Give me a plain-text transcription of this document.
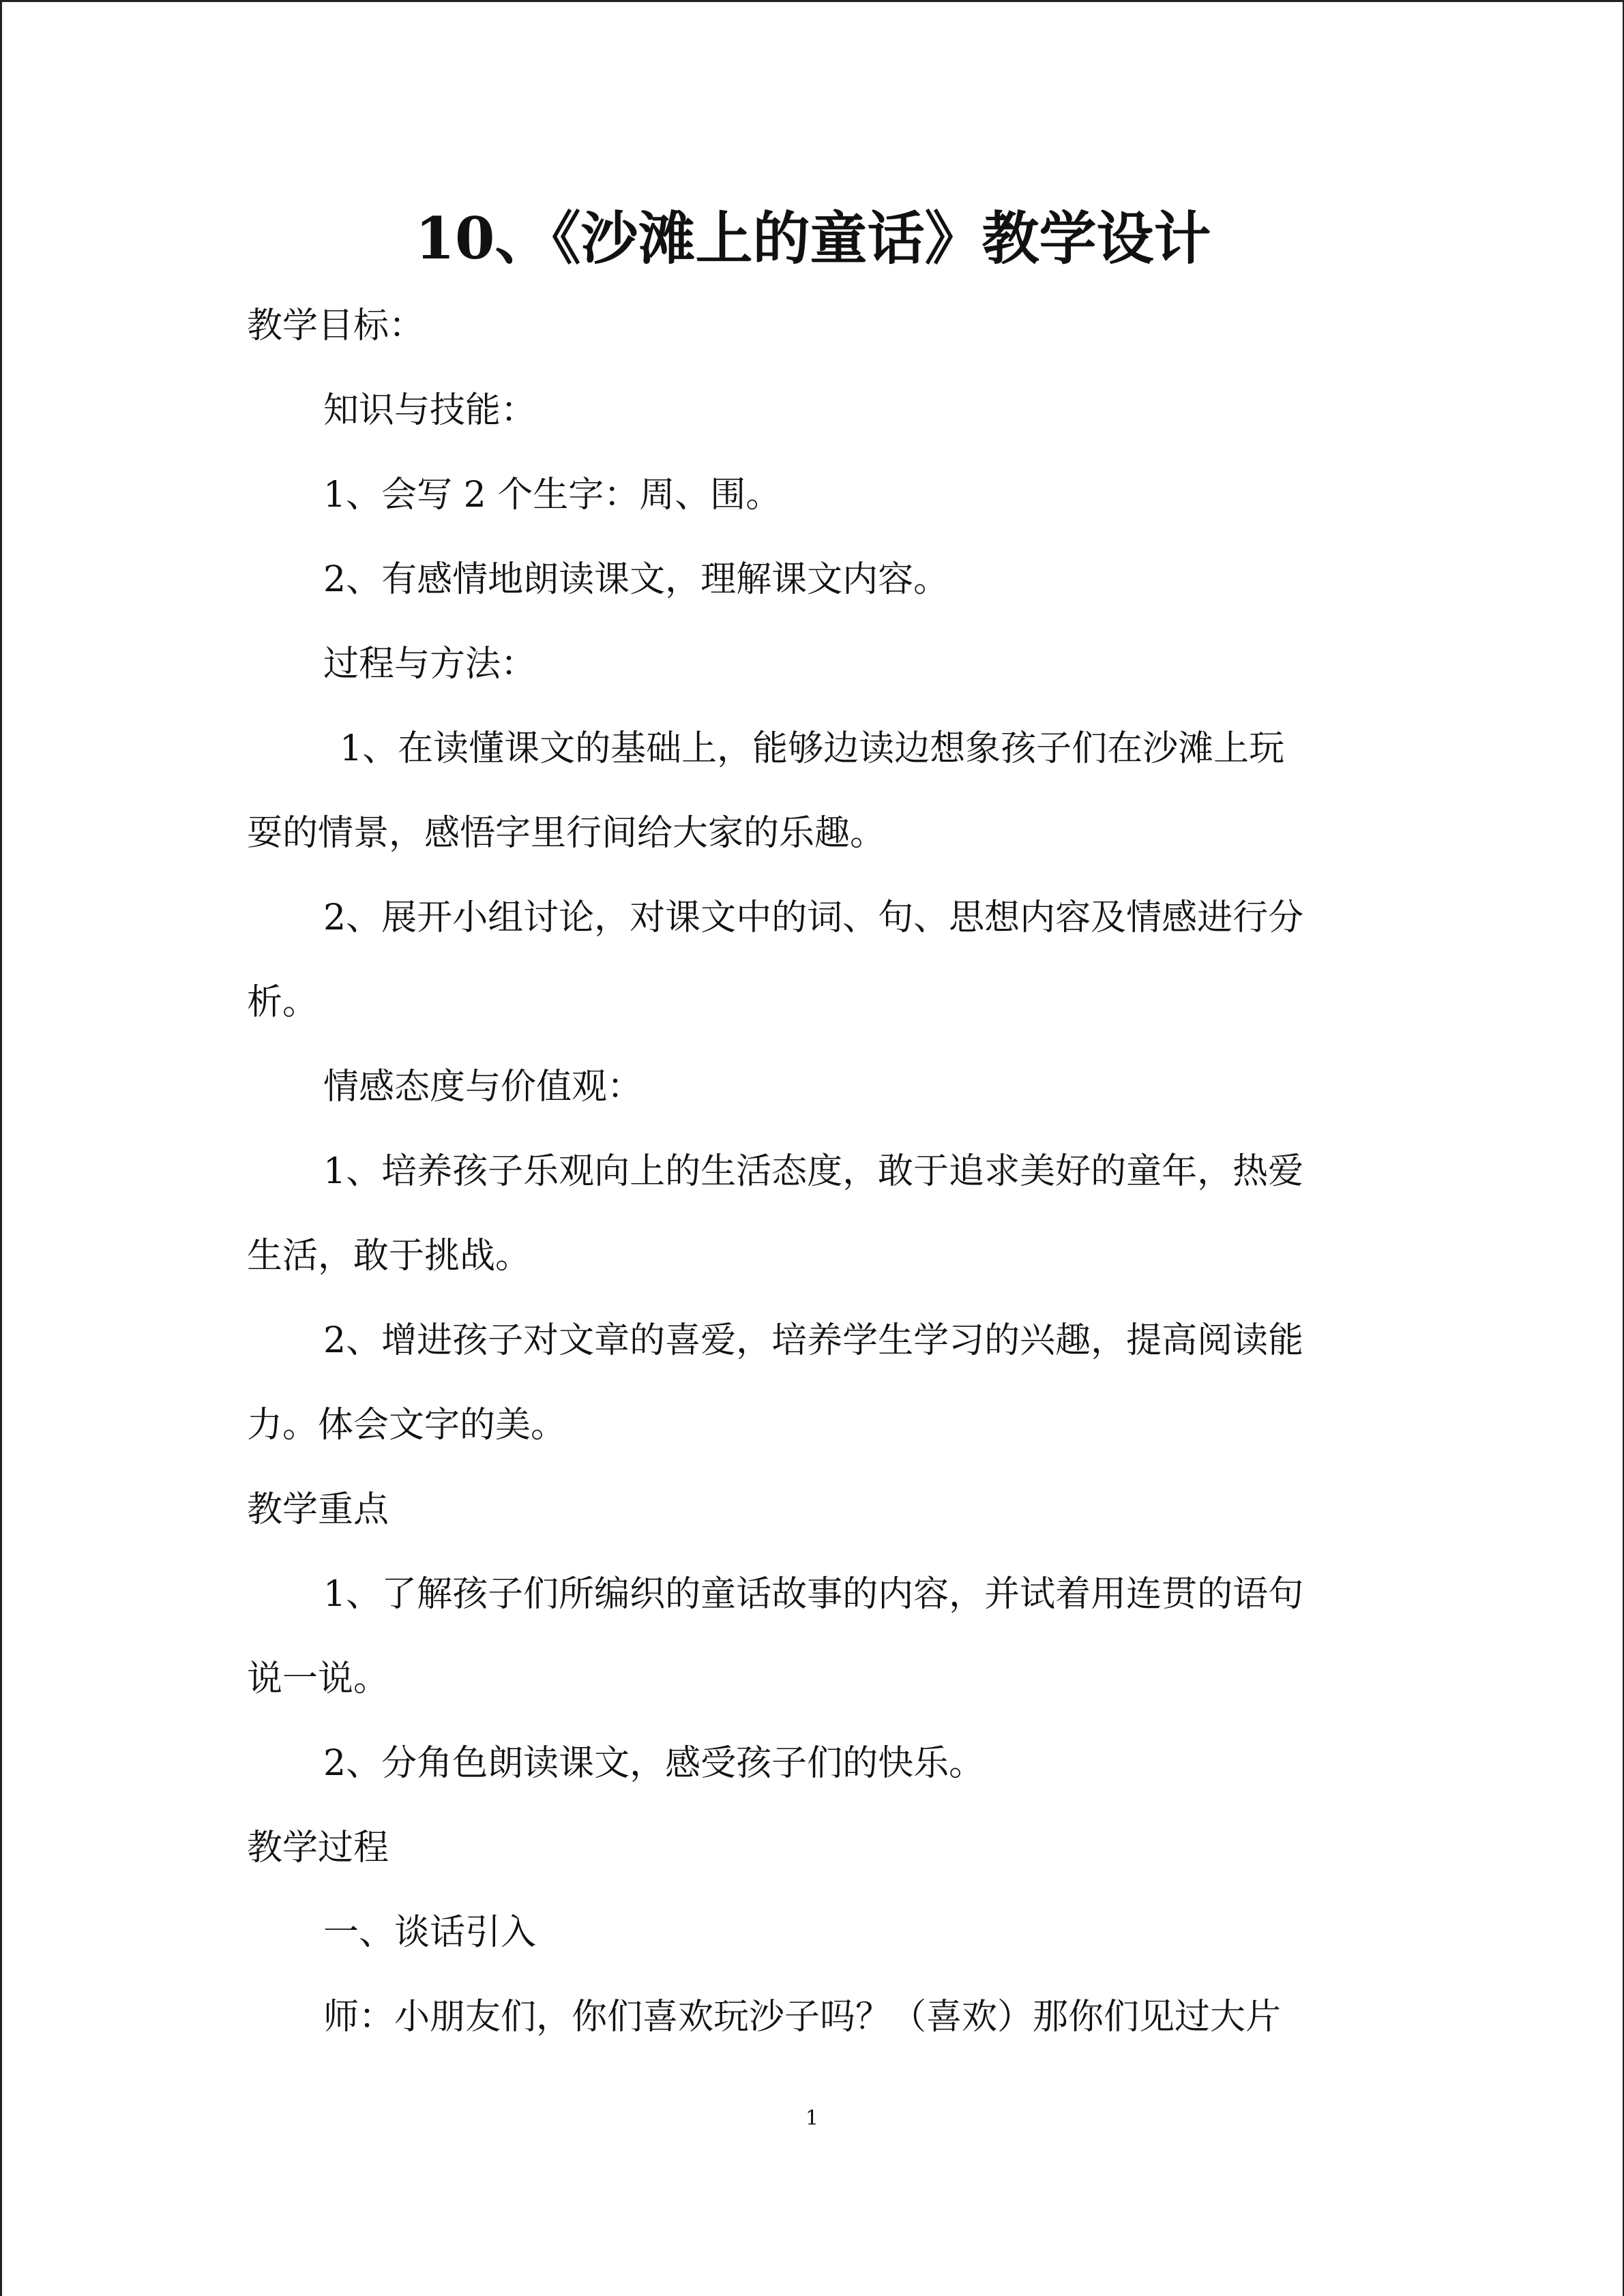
10、《沙滩上的童话》教学设计
教学目标：
知识与技能：
1、会写 2 个生字：周、围。
2、有感情地朗读课文，理解课文内容。
过程与方法：
1、在读懂课文的基础上，能够边读边想象孩子们在沙滩上玩
耍的情景，感悟字里行间给大家的乐趣。
2、展开小组讨论，对课文中的词、句、思想内容及情感进行分
析。
情感态度与价值观：
1、培养孩子乐观向上的生活态度，敢于追求美好的童年，热爱
生活，敢于挑战。
2、增进孩子对文章的喜爱，培养学生学习的兴趣，提高阅读能
力。体会文字的美。
教学重点
1、了解孩子们所编织的童话故事的内容，并试着用连贯的语句
说一说。
2、分角色朗读课文，感受孩子们的快乐。
教学过程
一、谈话引入
师：小朋友们，你们喜欢玩沙子吗？（喜欢）那你们见过大片
1
